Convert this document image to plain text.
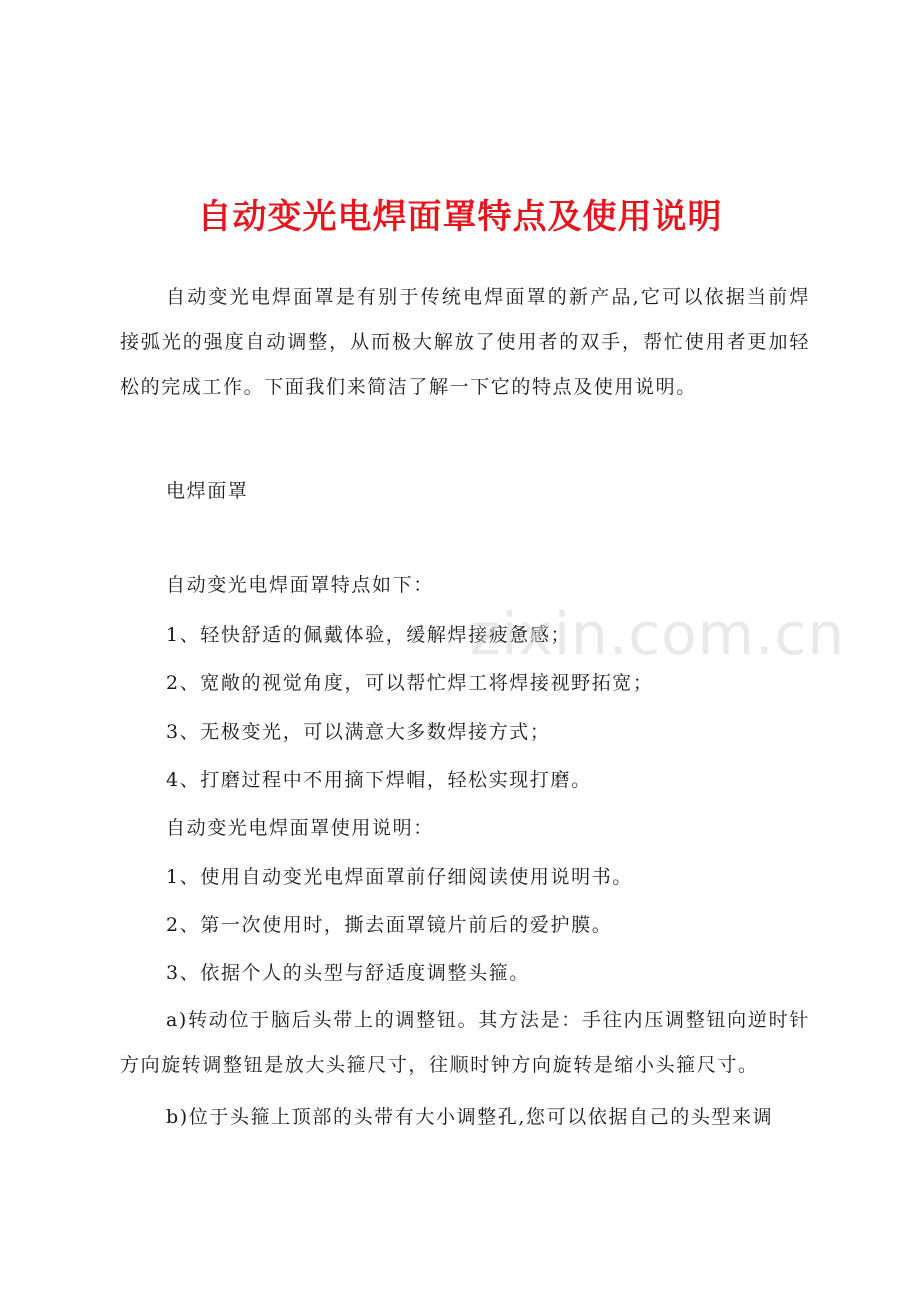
自动变光电焊面罩特点及使用说明

自动变光电焊面罩是有别于传统电焊面罩的新产品,它可以依据当前焊接弧光的强度自动调整，从而极大解放了使用者的双手，帮忙使用者更加轻松的完成工作。下面我们来简洁了解一下它的特点及使用说明。

电焊面罩

自动变光电焊面罩特点如下：

1、轻快舒适的佩戴体验，缓解焊接疲惫感；

2、宽敞的视觉角度，可以帮忙焊工将焊接视野拓宽；

3、无极变光，可以满意大多数焊接方式；

4、打磨过程中不用摘下焊帽，轻松实现打磨。

自动变光电焊面罩使用说明：

1、使用自动变光电焊面罩前仔细阅读使用说明书。

2、第一次使用时，撕去面罩镜片前后的爱护膜。

3、依据个人的头型与舒适度调整头箍。

a)转动位于脑后头带上的调整钮。其方法是：手往内压调整钮向逆时针方向旋转调整钮是放大头箍尺寸，往顺时钟方向旋转是缩小头箍尺寸。

b)位于头箍上顶部的头带有大小调整孔,您可以依据自己的头型来调

zixin.com.cn
